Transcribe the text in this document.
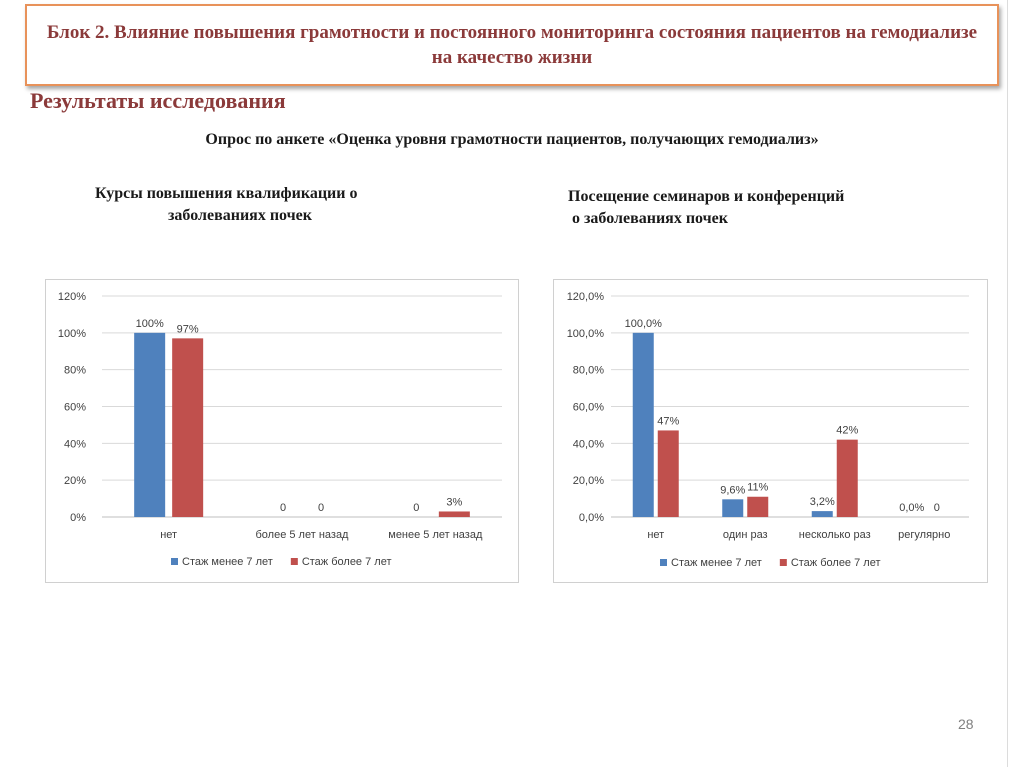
Блок 2. Влияние повышения грамотности и постоянного мониторинга состояния пациентов на гемодиализе на качество жизни
Результаты исследования
Опрос по анкете «Оценка уровня грамотности пациентов, получающих гемодиализ»
Курсы повышения квалификации о
заболеваниях почек
Посещение семинаров и конференций
о заболеваниях почек
0%
20%
40%
60%
80%
100%
120%
100% 97%
нет
0	0
более 5 лет назад
0 3%
менее 5 лет назад
Стаж менее 7 лет	Стаж более 7 лет
0,0%
20,0%
40,0%
60,0%
80,0%
100,0%
120,0%
100,0%
47%
нет
9,6% 11%
один раз
3,2%
42%
несколько раз
0,0% 0
регулярно
Стаж менее 7 лет	Стаж более 7 лет
28
